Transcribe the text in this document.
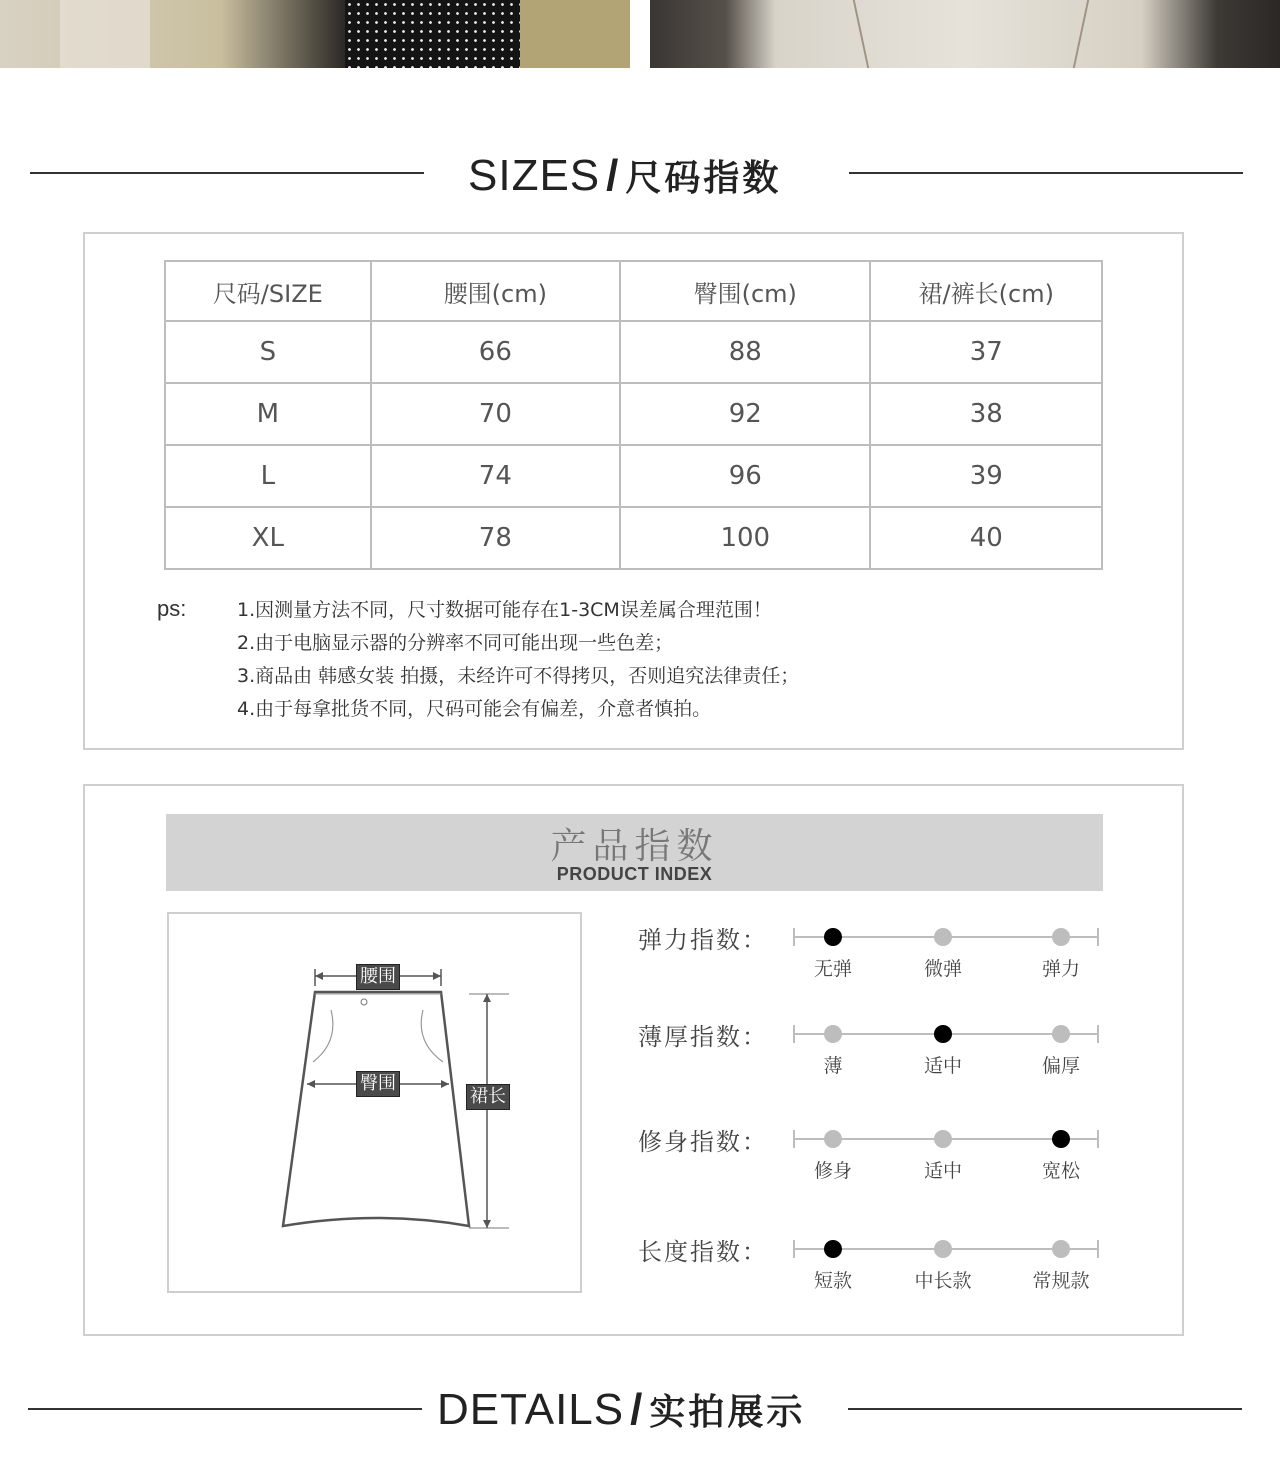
SIZES / 尺码指数
尺码/SIZE	腰围(cm)	臀围(cm)	裙/裤长(cm)
S	66	88	37
M	70	92	38
L	74	96	39
XL	78	100	40
ps:	1.因测量方法不同，尺寸数据可能存在1-3CM误差属合理范围！
2.由于电脑显示器的分辨率不同可能出现一些色差；
3.商品由 韩感女装 拍摄，未经许可不得拷贝，否则追究法律责任；
4.由于每拿批货不同，尺码可能会有偏差，介意者慎拍。
产品指数
PRODUCT INDEX
腰围
臀围
裙长
弹力指数：
无弹	微弹	弹力
薄厚指数：
薄	适中	偏厚
修身指数：
修身	适中	宽松
长度指数：
短款	中长款	常规款
DETAILS / 实拍展示
